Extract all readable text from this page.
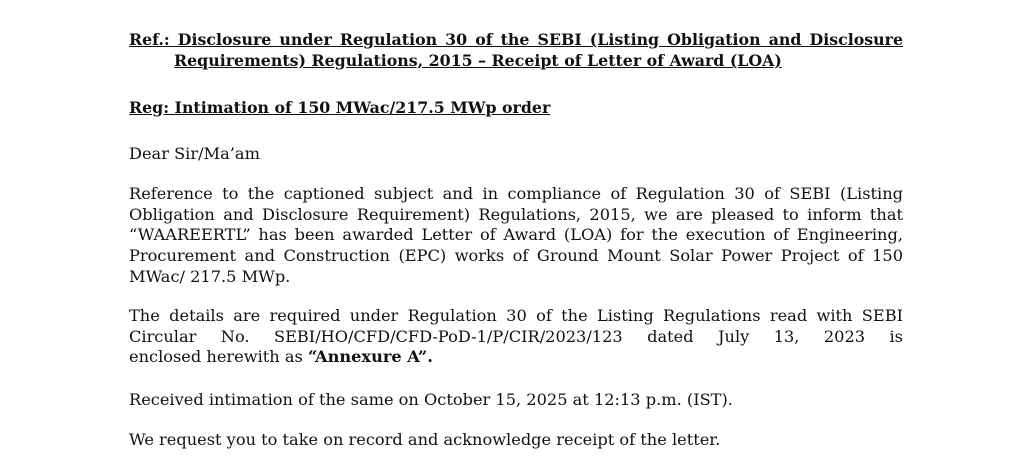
Ref.: Disclosure under Regulation 30 of the SEBI (Listing Obligation and Disclosure
Requirements) Regulations, 2015 – Receipt of Letter of Award (LOA)
Reg: Intimation of 150 MWac/217.5 MWp order
Dear Sir/Ma’am
Reference to the captioned subject and in compliance of Regulation 30 of SEBI (Listing
Obligation and Disclosure Requirement) Regulations, 2015, we are pleased to inform that
“WAAREERTL” has been awarded Letter of Award (LOA) for the execution of Engineering,
Procurement and Construction (EPC) works of Ground Mount Solar Power Project of 150
MWac/ 217.5 MWp.
The details are required under Regulation 30 of the Listing Regulations read with SEBI
Circular No. SEBI/HO/CFD/CFD-PoD-1/P/CIR/2023/123 dated July 13, 2023 is
enclosed herewith as “Annexure A”.
Received intimation of the same on October 15, 2025 at 12:13 p.m. (IST).
We request you to take on record and acknowledge receipt of the letter.
